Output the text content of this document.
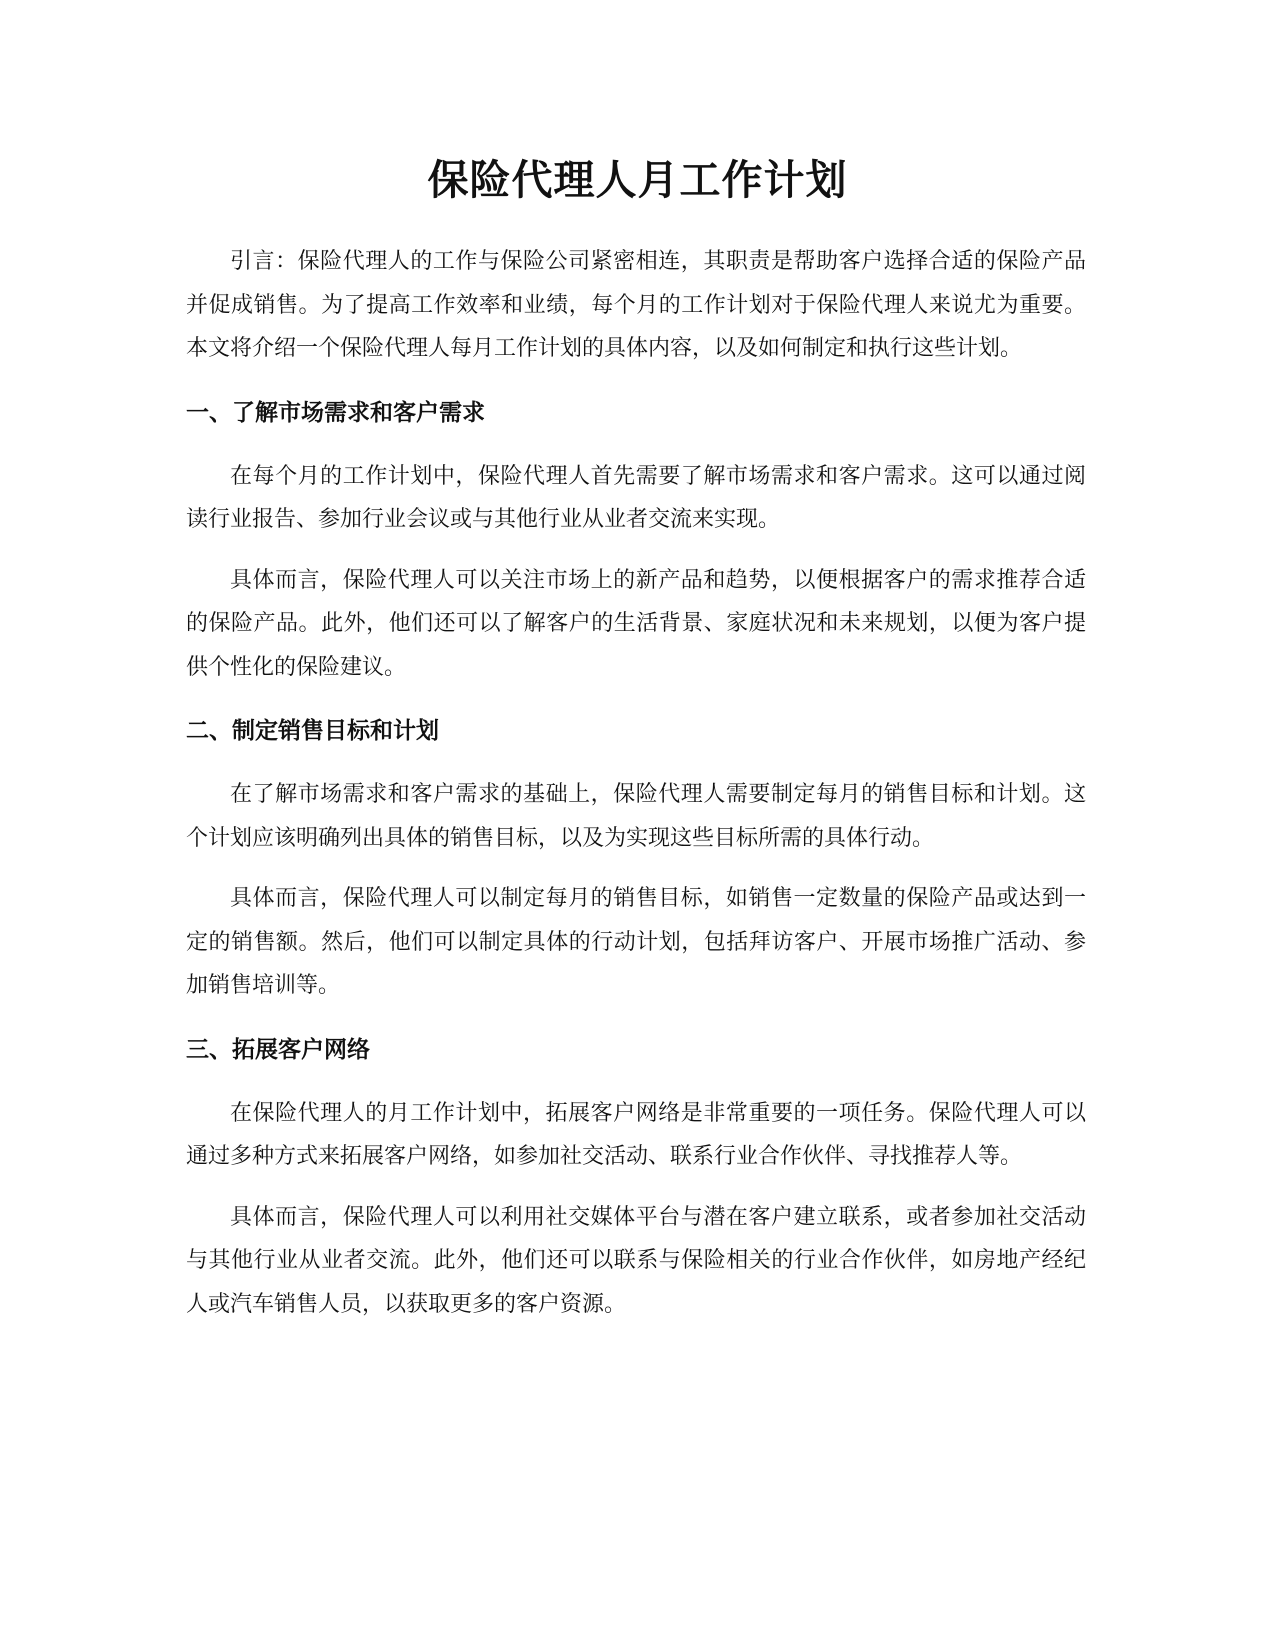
保险代理人月工作计划

引言：保险代理人的工作与保险公司紧密相连，其职责是帮助客户选择合适的保险产品并促成销售。为了提高工作效率和业绩，每个月的工作计划对于保险代理人来说尤为重要。本文将介绍一个保险代理人每月工作计划的具体内容，以及如何制定和执行这些计划。

一、了解市场需求和客户需求

在每个月的工作计划中，保险代理人首先需要了解市场需求和客户需求。这可以通过阅读行业报告、参加行业会议或与其他行业从业者交流来实现。

具体而言，保险代理人可以关注市场上的新产品和趋势，以便根据客户的需求推荐合适的保险产品。此外，他们还可以了解客户的生活背景、家庭状况和未来规划，以便为客户提供个性化的保险建议。

二、制定销售目标和计划

在了解市场需求和客户需求的基础上，保险代理人需要制定每月的销售目标和计划。这个计划应该明确列出具体的销售目标，以及为实现这些目标所需的具体行动。

具体而言，保险代理人可以制定每月的销售目标，如销售一定数量的保险产品或达到一定的销售额。然后，他们可以制定具体的行动计划，包括拜访客户、开展市场推广活动、参加销售培训等。

三、拓展客户网络

在保险代理人的月工作计划中，拓展客户网络是非常重要的一项任务。保险代理人可以通过多种方式来拓展客户网络，如参加社交活动、联系行业合作伙伴、寻找推荐人等。

具体而言，保险代理人可以利用社交媒体平台与潜在客户建立联系，或者参加社交活动与其他行业从业者交流。此外，他们还可以联系与保险相关的行业合作伙伴，如房地产经纪人或汽车销售人员，以获取更多的客户资源。
